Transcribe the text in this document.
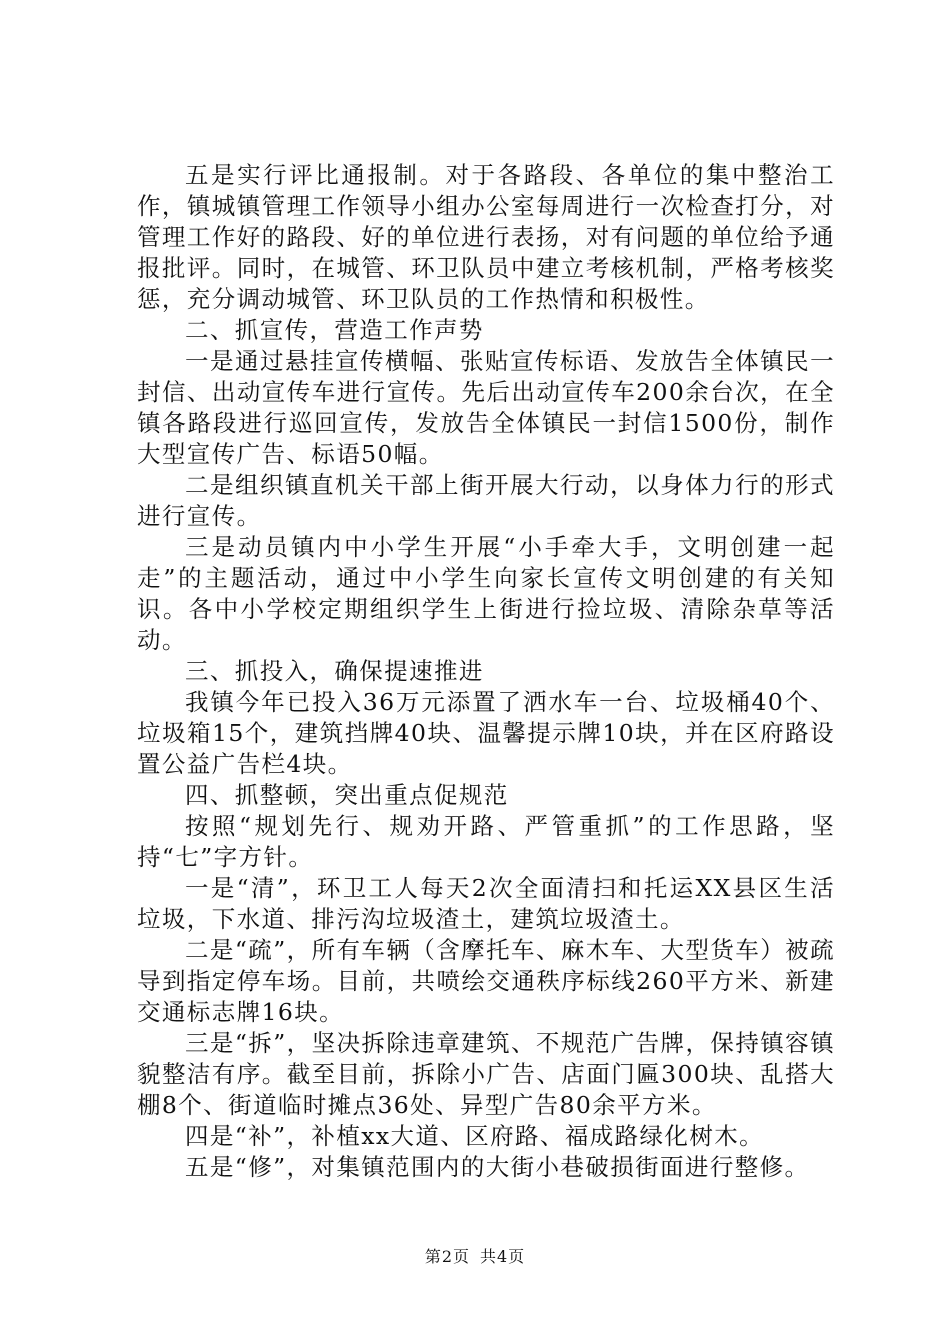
五是实行评比通报制。对于各路段、各单位的集中整治工作，镇城镇管理工作领导小组办公室每周进行一次检查打分，对管理工作好的路段、好的单位进行表扬，对有问题的单位给予通报批评。同时，在城管、环卫队员中建立考核机制，严格考核奖惩，充分调动城管、环卫队员的工作热情和积极性。

二、抓宣传，营造工作声势

一是通过悬挂宣传横幅、张贴宣传标语、发放告全体镇民一封信、出动宣传车进行宣传。先后出动宣传车200余台次，在全镇各路段进行巡回宣传，发放告全体镇民一封信1500份，制作大型宣传广告、标语50幅。

二是组织镇直机关干部上街开展大行动，以身体力行的形式进行宣传。

三是动员镇内中小学生开展“小手牵大手，文明创建一起走”的主题活动，通过中小学生向家长宣传文明创建的有关知识。各中小学校定期组织学生上街进行捡垃圾、清除杂草等活动。

三、抓投入，确保提速推进

我镇今年已投入36万元添置了洒水车一台、垃圾桶40个、垃圾箱15个，建筑挡牌40块、温馨提示牌10块，并在区府路设置公益广告栏4块。

四、抓整顿，突出重点促规范

按照“规划先行、规劝开路、严管重抓”的工作思路，坚持“七”字方针。

一是“清”，环卫工人每天2次全面清扫和托运XX县区生活垃圾，下水道、排污沟垃圾渣土，建筑垃圾渣土。

二是“疏”，所有车辆（含摩托车、麻木车、大型货车）被疏导到指定停车场。目前，共喷绘交通秩序标线260平方米、新建交通标志牌16块。

三是“拆”，坚决拆除违章建筑、不规范广告牌，保持镇容镇貌整洁有序。截至目前，拆除小广告、店面门匾300块、乱搭大棚8个、街道临时摊点36处、异型广告80余平方米。

四是“补”，补植xx大道、区府路、福成路绿化树木。

五是“修”，对集镇范围内的大街小巷破损街面进行整修。

第2页 共4页
